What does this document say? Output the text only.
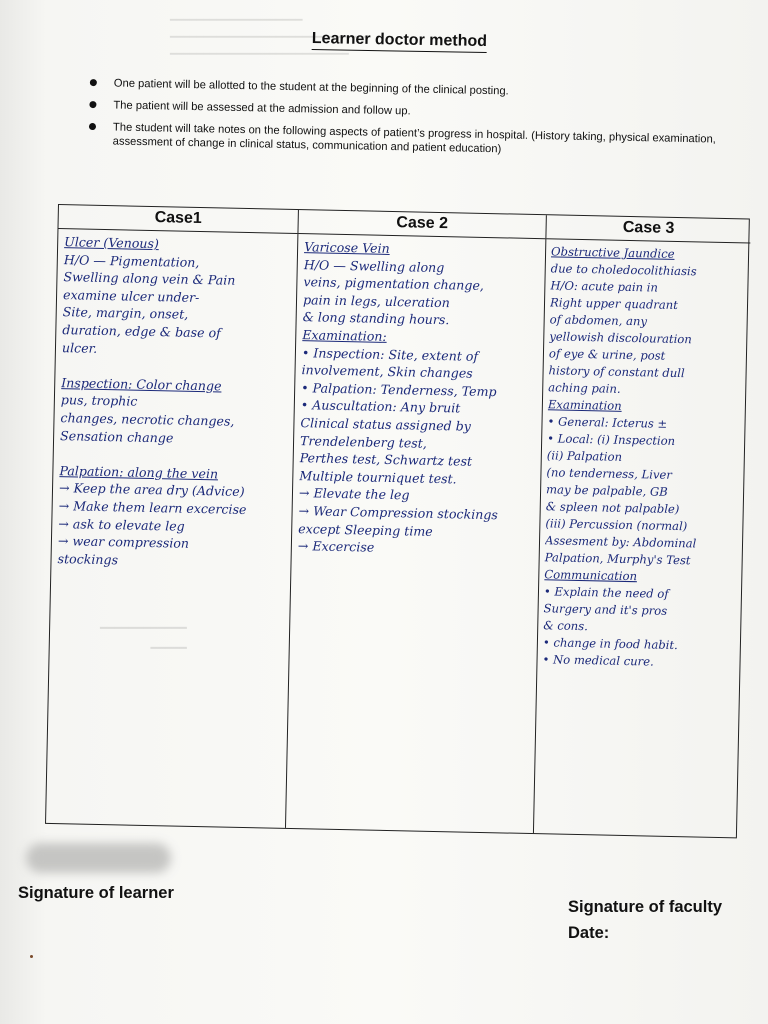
━━━━━━━━━━━━━━━━━━━━━━━━━━━
━━━━━━━━━━━━━━━━━━━━━━━━━━━━━━
━━━━━━━━━━━━━━━━━━━━
Learner doctor method
One patient will be allotted to the student at the beginning of the clinical posting.
The patient will be assessed at the admission and follow up.
The student will take notes on the following aspects of patient’s progress in hospital. (History taking, physical examination, assessment of change in clinical status, communication and patient education)
Case1
Ulcer (Venous)
H/O — Pigmentation,
Swelling along vein & Pain
examine ulcer under-
Site, margin, onset,
duration, edge & base of
ulcer.

Inspection: Color change
pus, trophic
changes, necrotic changes,
Sensation change

Palpation: along the vein
→ Keep the area dry (Advice)
→ Make them learn excercise
→ ask to elevate leg
→ wear compression
stockings
Case 2
Varicose Vein
H/O — Swelling along
veins, pigmentation change,
pain in legs, ulceration
& long standing hours.
Examination:
• Inspection: Site, extent of
involvement, Skin changes
• Palpation: Tenderness, Temp
• Auscultation: Any bruit
Clinical status assigned by
Trendelenberg test,
Perthes test, Schwartz test
Multiple tourniquet test.
→ Elevate the leg
→ Wear Compression stockings
except Sleeping time
→ Excercise
Case 3
Obstructive Jaundice
due to choledocolithiasis
H/O: acute pain in
Right upper quadrant
of abdomen, any
yellowish discolouration
of eye & urine, post
history of constant dull
aching pain.
Examination
• General: Icterus ±
• Local: (i) Inspection
(ii) Palpation
(no tenderness, Liver
may be palpable, GB
& spleen not palpable)
(iii) Percussion (normal)
Assesment by: Abdominal
Palpation, Murphy's Test
Communication
• Explain the need of
Surgery and it's pros
& cons.
• change in food habit.
• No medical cure.
━━━━━━━━━━━━
━━━━━
Signature of learner
Signature of faculty
Date:
